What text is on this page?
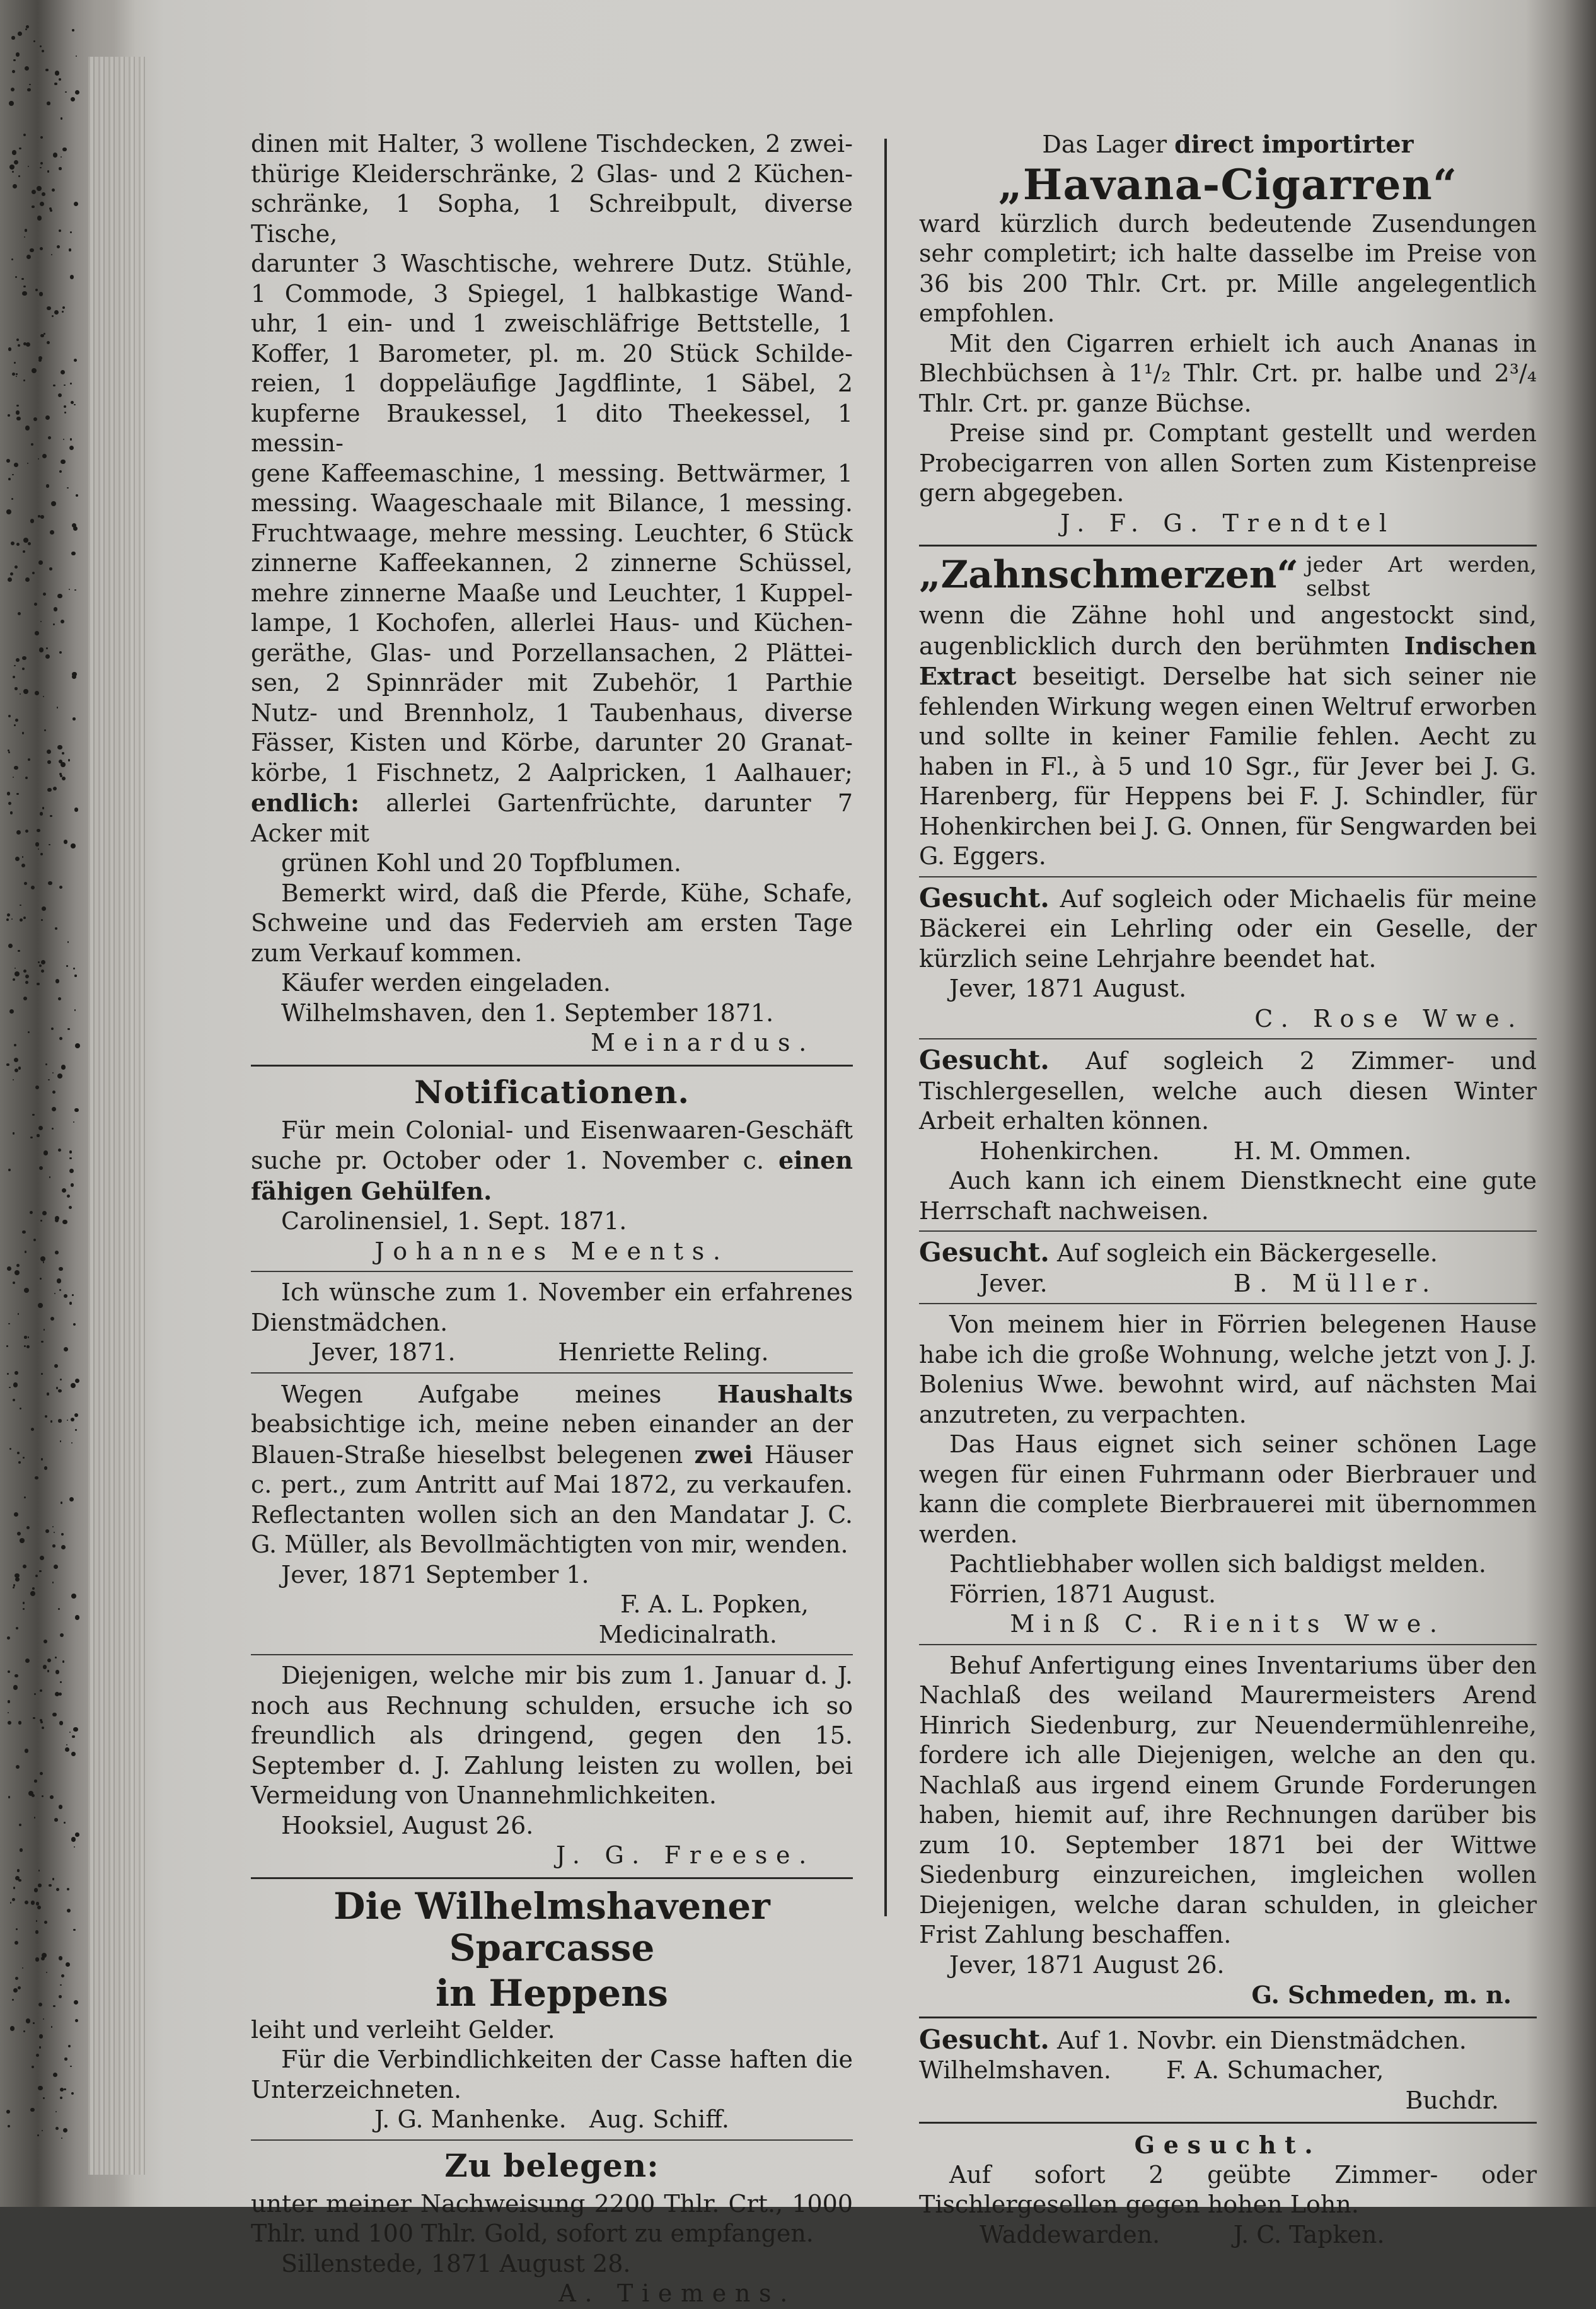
dinen mit Halter, 3 wollene Tischdecken, 2 zwei-

thürige Kleiderschränke, 2 Glas- und 2 Küchen-

schränke, 1 Sopha, 1 Schreibpult, diverse Tische,

darunter 3 Waschtische, wehrere Dutz. Stühle,

1 Commode, 3 Spiegel, 1 halbkastige Wand-

uhr, 1 ein- und 1 zweischläfrige Bettstelle, 1

Koffer, 1 Barometer, pl. m. 20 Stück Schilde-

reien, 1 doppeläufige Jagdflinte, 1 Säbel, 2

kupferne Braukessel, 1 dito Theekessel, 1 messin-

gene Kaffeemaschine, 1 messing. Bettwärmer, 1

messing. Waageschaale mit Bilance, 1 messing.

Fruchtwaage, mehre messing. Leuchter, 6 Stück

zinnerne Kaffeekannen, 2 zinnerne Schüssel,

mehre zinnerne Maaße und Leuchter, 1 Kuppel-

lampe, 1 Kochofen, allerlei Haus- und Küchen-

geräthe, Glas- und Porzellansachen, 2 Plättei-

sen, 2 Spinnräder mit Zubehör, 1 Parthie

Nutz- und Brennholz, 1 Taubenhaus, diverse

Fässer, Kisten und Körbe, darunter 20 Granat-

körbe, 1 Fischnetz, 2 Aalpricken, 1 Aalhauer;

endlich: allerlei Gartenfrüchte, darunter 7 Acker mit

grünen Kohl und 20 Topfblumen.

Bemerkt wird, daß die Pferde, Kühe, Schafe, Schweine und das Federvieh am ersten Tage zum Verkauf kommen.

Käufer werden eingeladen.

Wilhelmshaven, den 1. September 1871.

Meinardus.

Notificationen.

Für mein Colonial- und Eisenwaaren-Geschäft suche pr. October oder 1. November c. einen fähigen Gehülfen.

Carolinensiel, 1. Sept. 1871.

Johannes Meents.

Ich wünsche zum 1. November ein erfahrenes Dienstmädchen.

Jever, 1871.	Henriette Reling.

Wegen Aufgabe meines Haushalts beabsichtige ich, meine neben einander an der Blauen-Straße hieselbst belegenen zwei Häuser c. pert., zum Antritt auf Mai 1872, zu verkaufen. Reflectanten wollen sich an den Mandatar J. C. G. Müller, als Bevollmächtigten von mir, wenden.

Jever, 1871 September 1.

F. A. L. Popken,

Medicinalrath.

Diejenigen, welche mir bis zum 1. Januar d. J. noch aus Rechnung schulden, ersuche ich so freundlich als dringend, gegen den 15. September d. J. Zahlung leisten zu wollen, bei Vermeidung von Unannehmlichkeiten.

Hooksiel, August 26.

J. G. Freese.

Die Wilhelmshavener Sparcasse
in Heppens

leiht und verleiht Gelder.

Für die Verbindlichkeiten der Casse haften die Unterzeichneten.

J. G. Manhenke.   Aug. Schiff.

Zu belegen:

unter meiner Nachweisung 2200 Thlr. Crt., 1000 Thlr. und 100 Thlr. Gold, sofort zu empfangen.

Sillenstede, 1871 August 28.

A. Tiemens.

Das Lager direct importirter

„Havana-Cigarren“

ward kürzlich durch bedeutende Zusendungen sehr completirt; ich halte dasselbe im Preise von 36 bis 200 Thlr. Crt. pr. Mille angelegentlich empfohlen.

Mit den Cigarren erhielt ich auch Ananas in Blechbüchsen à 1¹/₂ Thlr. Crt. pr. halbe und 2³/₄ Thlr. Crt. pr. ganze Büchse.

Preise sind pr. Comptant gestellt und werden Probecigarren von allen Sorten zum Kistenpreise gern abgegeben.

J. F. G. Trendtel

„Zahnschmerzen“ jeder Art werden, selbst

wenn die Zähne hohl und angestockt sind, augenblicklich durch den berühmten Indischen Extract beseitigt. Derselbe hat sich seiner nie fehlenden Wirkung wegen einen Weltruf erworben und sollte in keiner Familie fehlen. Aecht zu haben in Fl., à 5 und 10 Sgr., für Jever bei J. G. Harenberg, für Heppens bei F. J. Schindler, für Hohenkirchen bei J. G. Onnen, für Sengwarden bei G. Eggers.

Gesucht. Auf sogleich oder Michaelis für meine Bäckerei ein Lehrling oder ein Geselle, der kürzlich seine Lehrjahre beendet hat.

Jever, 1871 August.

C. Rose Wwe.

Gesucht. Auf sogleich 2 Zimmer- und Tischlergesellen, welche auch diesen Winter Arbeit erhalten können.

Hohenkirchen.	H. M. Ommen.

Auch kann ich einem Dienstknecht eine gute Herrschaft nachweisen.

Gesucht. Auf sogleich ein Bäckergeselle.

Jever.	B. Müller.

Von meinem hier in Förrien belegenen Hause habe ich die große Wohnung, welche jetzt von J. J. Bolenius Wwe. bewohnt wird, auf nächsten Mai anzutreten, zu verpachten.

Das Haus eignet sich seiner schönen Lage wegen für einen Fuhrmann oder Bierbrauer und kann die complete Bierbrauerei mit übernommen werden.

Pachtliebhaber wollen sich baldigst melden.

Förrien, 1871 August.

Minß C. Rienits Wwe.

Behuf Anfertigung eines Inventariums über den Nachlaß des weiland Maurermeisters Arend Hinrich Siedenburg, zur Neuendermühlenreihe, fordere ich alle Diejenigen, welche an den qu. Nachlaß aus irgend einem Grunde Forderungen haben, hiemit auf, ihre Rechnungen darüber bis zum 10. September 1871 bei der Wittwe Siedenburg einzureichen, imgleichen wollen Diejenigen, welche daran schulden, in gleicher Frist Zahlung beschaffen.

Jever, 1871 August 26.

G. Schmeden, m. n.

Gesucht. Auf 1. Novbr. ein Dienstmädchen.

Wilhelmshaven. F. A. Schumacher,

Buchdr.

Gesucht.

Auf sofort 2 geübte Zimmer- oder Tischlergesellen gegen hohen Lohn.

Waddewarden.	J. C. Tapken.
